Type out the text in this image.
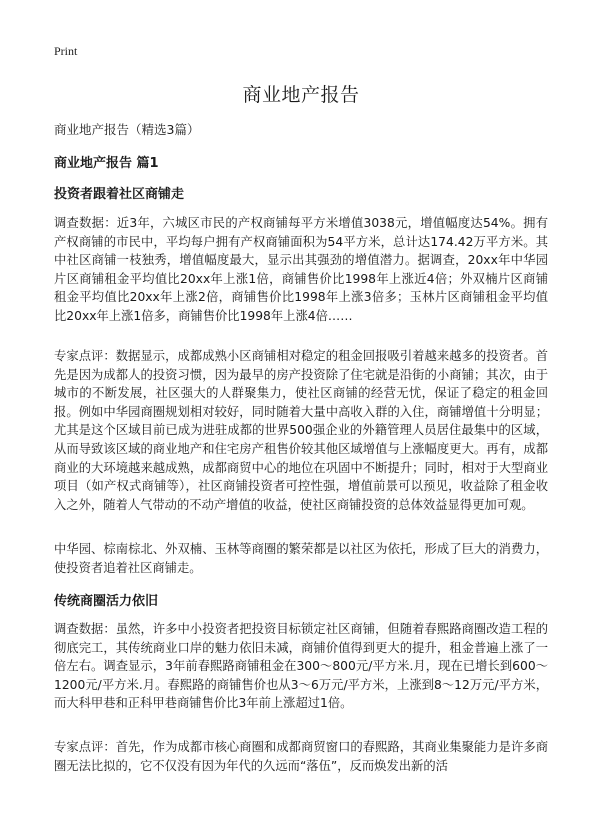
Print
商业地产报告
商业地产报告（精选3篇）
商业地产报告 篇1
投资者跟着社区商铺走

调查数据：近3年，六城区市民的产权商铺每平方米增值3038元，增值幅度达54%。拥有产权商铺的市民中，平均每户拥有产权商铺面积为54平方米，总计达174.42万平方米。其中社区商铺一枝独秀，增值幅度最大，显示出其强劲的增值潜力。据调查，20xx年中华园片区商铺租金平均值比20xx年上涨1倍，商铺售价比1998年上涨近4倍；外双楠片区商铺租金平均值比20xx年上涨2倍，商铺售价比1998年上涨3倍多；玉林片区商铺租金平均值比20xx年上涨1倍多，商铺售价比1998年上涨4倍……

专家点评：数据显示，成都成熟小区商铺相对稳定的租金回报吸引着越来越多的投资者。首先是因为成都人的投资习惯，因为最早的房产投资除了住宅就是沿街的小商铺；其次，由于城市的不断发展，社区强大的人群聚集力，使社区商铺的经营无忧，保证了稳定的租金回报。例如中华园商圈规划相对较好，同时随着大量中高收入群的入住，商铺增值十分明显；尤其是这个区域目前已成为进驻成都的世界500强企业的外籍管理人员居住最集中的区域，从而导致该区域的商业地产和住宅房产租售价较其他区域增值与上涨幅度更大。再有，成都商业的大环境越来越成熟，成都商贸中心的地位在巩固中不断提升；同时，相对于大型商业项目（如产权式商铺等），社区商铺投资者可控性强，增值前景可以预见，收益除了租金收入之外，随着人气带动的不动产增值的收益，使社区商铺投资的总体效益显得更加可观。

中华园、棕南棕北、外双楠、玉林等商圈的繁荣都是以社区为依托，形成了巨大的消费力，使投资者追着社区商铺走。

传统商圈活力依旧

调查数据：虽然，许多中小投资者把投资目标锁定社区商铺，但随着春熙路商圈改造工程的彻底完工，其传统商业口岸的魅力依旧未减，商铺价值得到更大的提升，租金普遍上涨了一倍左右。调查显示，3年前春熙路商铺租金在300～800元/平方米.月，现在已增长到600～1200元/平方米.月。春熙路的商铺售价也从3～6万元/平方米，上涨到8～12万元/平方米，而大科甲巷和正科甲巷商铺售价比3年前上涨超过1倍。

专家点评：首先，作为成都市核心商圈和成都商贸窗口的春熙路，其商业集聚能力是许多商圈无法比拟的，它不仅没有因为年代的久远而“落伍”，反而焕发出新的活
